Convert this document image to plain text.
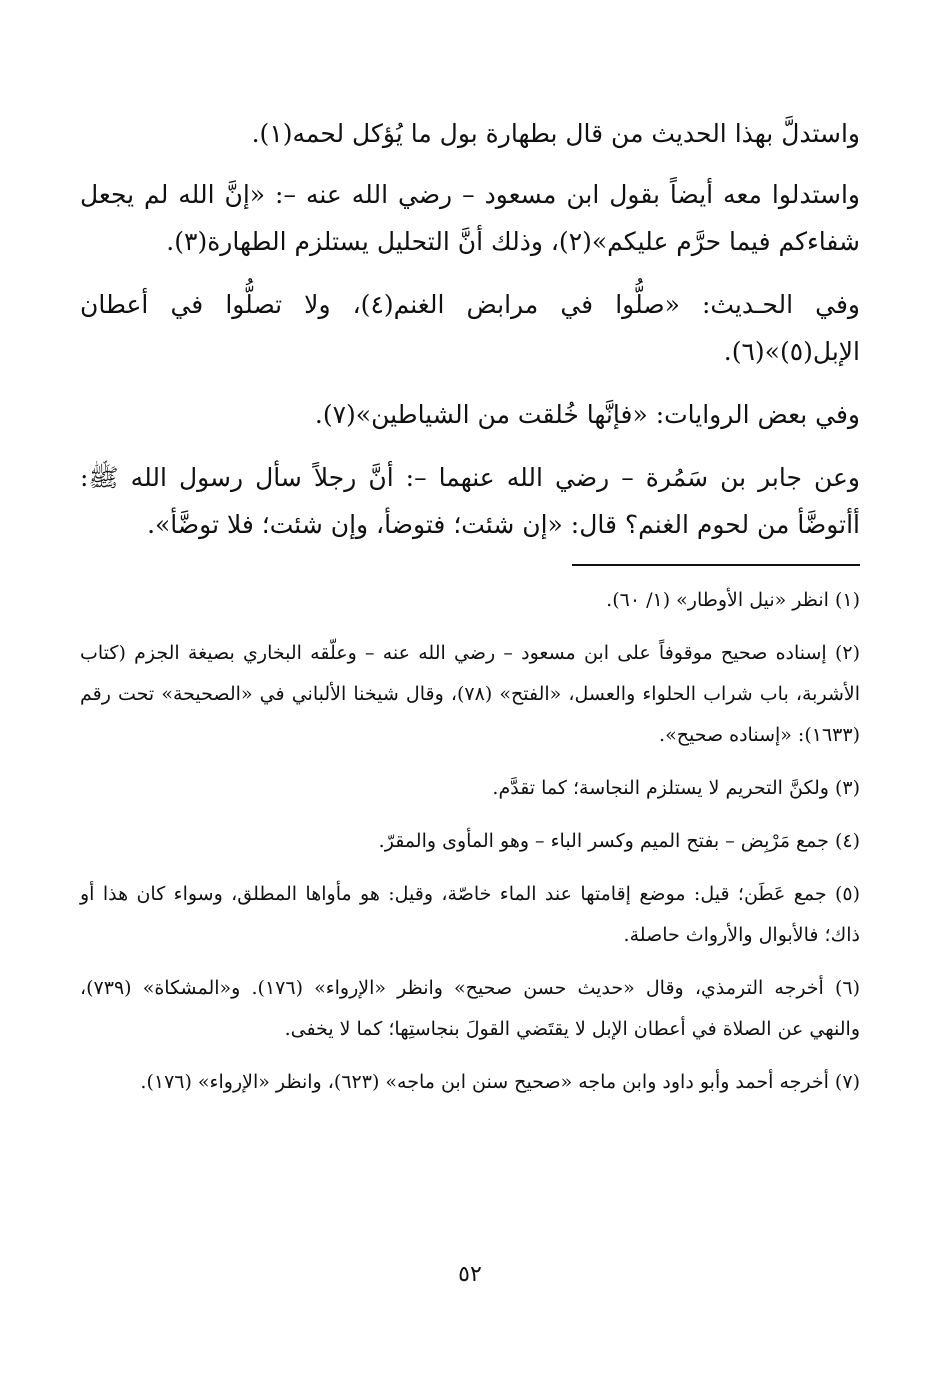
واستدلَّ بهذا الحديث من قال بطهارة بول ما يُؤكل لحمه(١).

واستدلوا معه أيضاً بقول ابن مسعود – رضي الله عنه –: «إنَّ الله لم يجعل شفاءكم فيما حرَّم عليكم»(٢)، وذلك أنَّ التحليل يستلزم الطهارة(٣).

وفي الحـديث: «صلُّوا في مرابض الغنم(٤)، ولا تصلُّوا في أعطان الإبل(٥)»(٦).

وفي بعض الروايات: «فإنَّها خُلقت من الشياطين»(٧).

وعن جابر بن سَمُرة – رضي الله عنهما –: أنَّ رجلاً سأل رسول الله ﷺ: أأتوضَّأ من لحوم الغنم؟ قال: «إن شئت؛ فتوضأ، وإن شئت؛ فلا توضَّأ».

(١) انظر «نيل الأوطار» (١/ ٦٠).

(٢) إسناده صحيح موقوفاً على ابن مسعود – رضي الله عنه – وعلّقه البخاري بصيغة الجزم (كتاب الأشربة، باب شراب الحلواء والعسل، «الفتح» (٧٨)، وقال شيخنا الألباني في «الصحيحة» تحت رقم (١٦٣٣): «إسناده صحيح».

(٣) ولكنَّ التحريم لا يستلزم النجاسة؛ كما تقدَّم.

(٤) جمع مَرْبِض – بفتح الميم وكسر الباء – وهو المأوى والمقرّ.

(٥) جمع عَطَن؛ قيل: موضع إقامتها عند الماء خاصّة، وقيل: هو مأواها المطلق، وسواء كان هذا أو ذاك؛ فالأبوال والأرواث حاصلة.

(٦) أخرجه الترمذي، وقال «حديث حسن صحيح» وانظر «الإرواء» (١٧٦). و«المشكاة» (٧٣٩)، والنهي عن الصلاة في أعطان الإبل لا يقتَضي القولَ بنجاستِها؛ كما لا يخفى.

(٧) أخرجه أحمد وأبو داود وابن ماجه «صحيح سنن ابن ماجه» (٦٢٣)، وانظر «الإرواء» (١٧٦).

٥٢
